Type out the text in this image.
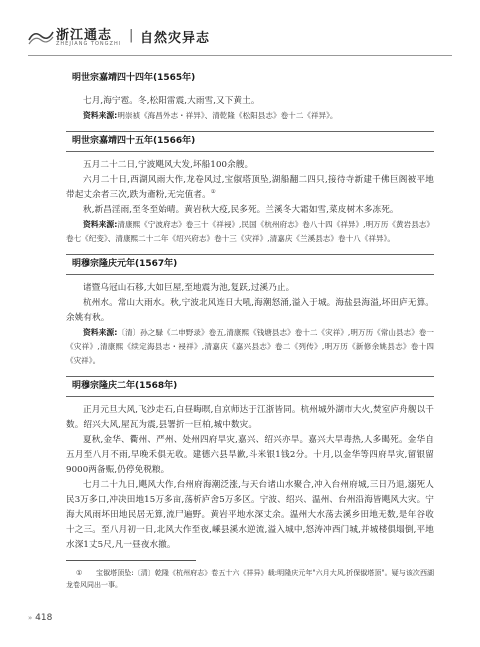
浙江通志
ZHEJIANG TONGZHI
| 自然灾异志
明世宗嘉靖四十四年(1565年)

七月,海宁雹。冬,松阳雷震,大雨雪,又下黄土。

资料来源:明崇祯《海昌外志・祥异》、清乾隆《松阳县志》卷十二《祥异》。

明世宗嘉靖四十五年(1566年)

五月二十二日,宁波飓风大发,坏船100余艘。

六月二十日,西湖风雨大作,龙卷风过,宝俶塔顶坠,湖船翻二四只,接待寺新建千佛巨阁被平地带起丈余者三次,跌为齑粉,无完值者。①

秋,新昌淫雨,至冬至始晴。黄岩秋大疫,民多死。兰溪冬大霜如雪,菜皮树木多冻死。

资料来源:清康熙《宁波府志》卷三十《祥祲》,民国《杭州府志》卷八十四《祥异》,明万历《黄岩县志》卷七《纪变》、清康熙二十二年《绍兴府志》卷十三《灾祥》,清嘉庆《兰溪县志》卷十八《祥异》。

明穆宗隆庆元年(1567年)

诸暨乌冠山石移,大如巨屋,至地震为池,复跃,过溪乃止。

杭州水。常山大雨水。秋,宁波北风连日大吼,海潮怒涌,溢入于城。海盐县海溢,坏田庐无算。余姚有秋。

资料来源:〔清〕孙之騄《二申野录》卷五,清康熙《钱塘县志》卷十二《灾祥》,明万历《常山县志》卷一《灾祥》,清康熙《续定海县志・祲祥》,清嘉庆《嘉兴县志》卷二《列传》,明万历《新修余姚县志》卷十四《灾祥》。

明穆宗隆庆二年(1568年)

正月元旦大风,飞沙走石,白昼晦暝,自京师达于江浙皆同。杭州城外湖市大火,焚室庐舟舰以千数。绍兴大风,屋瓦为震,县署折一巨柏,城中数灾。

夏秋,金华、衢州、严州、处州四府旱灾,嘉兴、绍兴亦旱。嘉兴大旱毒热,人多暍死。金华自五月至八月不雨,早晚禾俱无收。建德六县旱歉,斗米银1钱2分。十月,以金华等四府旱灾,留银留9000两备赈,仍停免税粮。

七月二十九日,飓风大作,台州府海潮泛涨,与天台诸山水聚合,冲入台州府城,三日乃退,溺死人民3万多口,冲决田地15万多亩,荡析庐舍5万多区。宁波、绍兴、温州、台州沿海皆飓风大灾。宁海大风雨坏田地民居无算,流尸遍野。黄岩平地水深丈余。温州大水荡去溪乡田地无数,是年谷收十之三。至八月初一日,北风大作至夜,嵊县溪水逆流,溢入城中,怒涛冲西门城,并城楼俱塌倒,平地水深1丈5尺,凡一昼夜水撤。

① 宝俶塔顶坠:〔清〕乾隆《杭州府志》卷五十六《祥异》载:明隆庆元年"六月大风,折保俶塔顶"。疑与该次西湖龙卷风同出一事。
» 418
